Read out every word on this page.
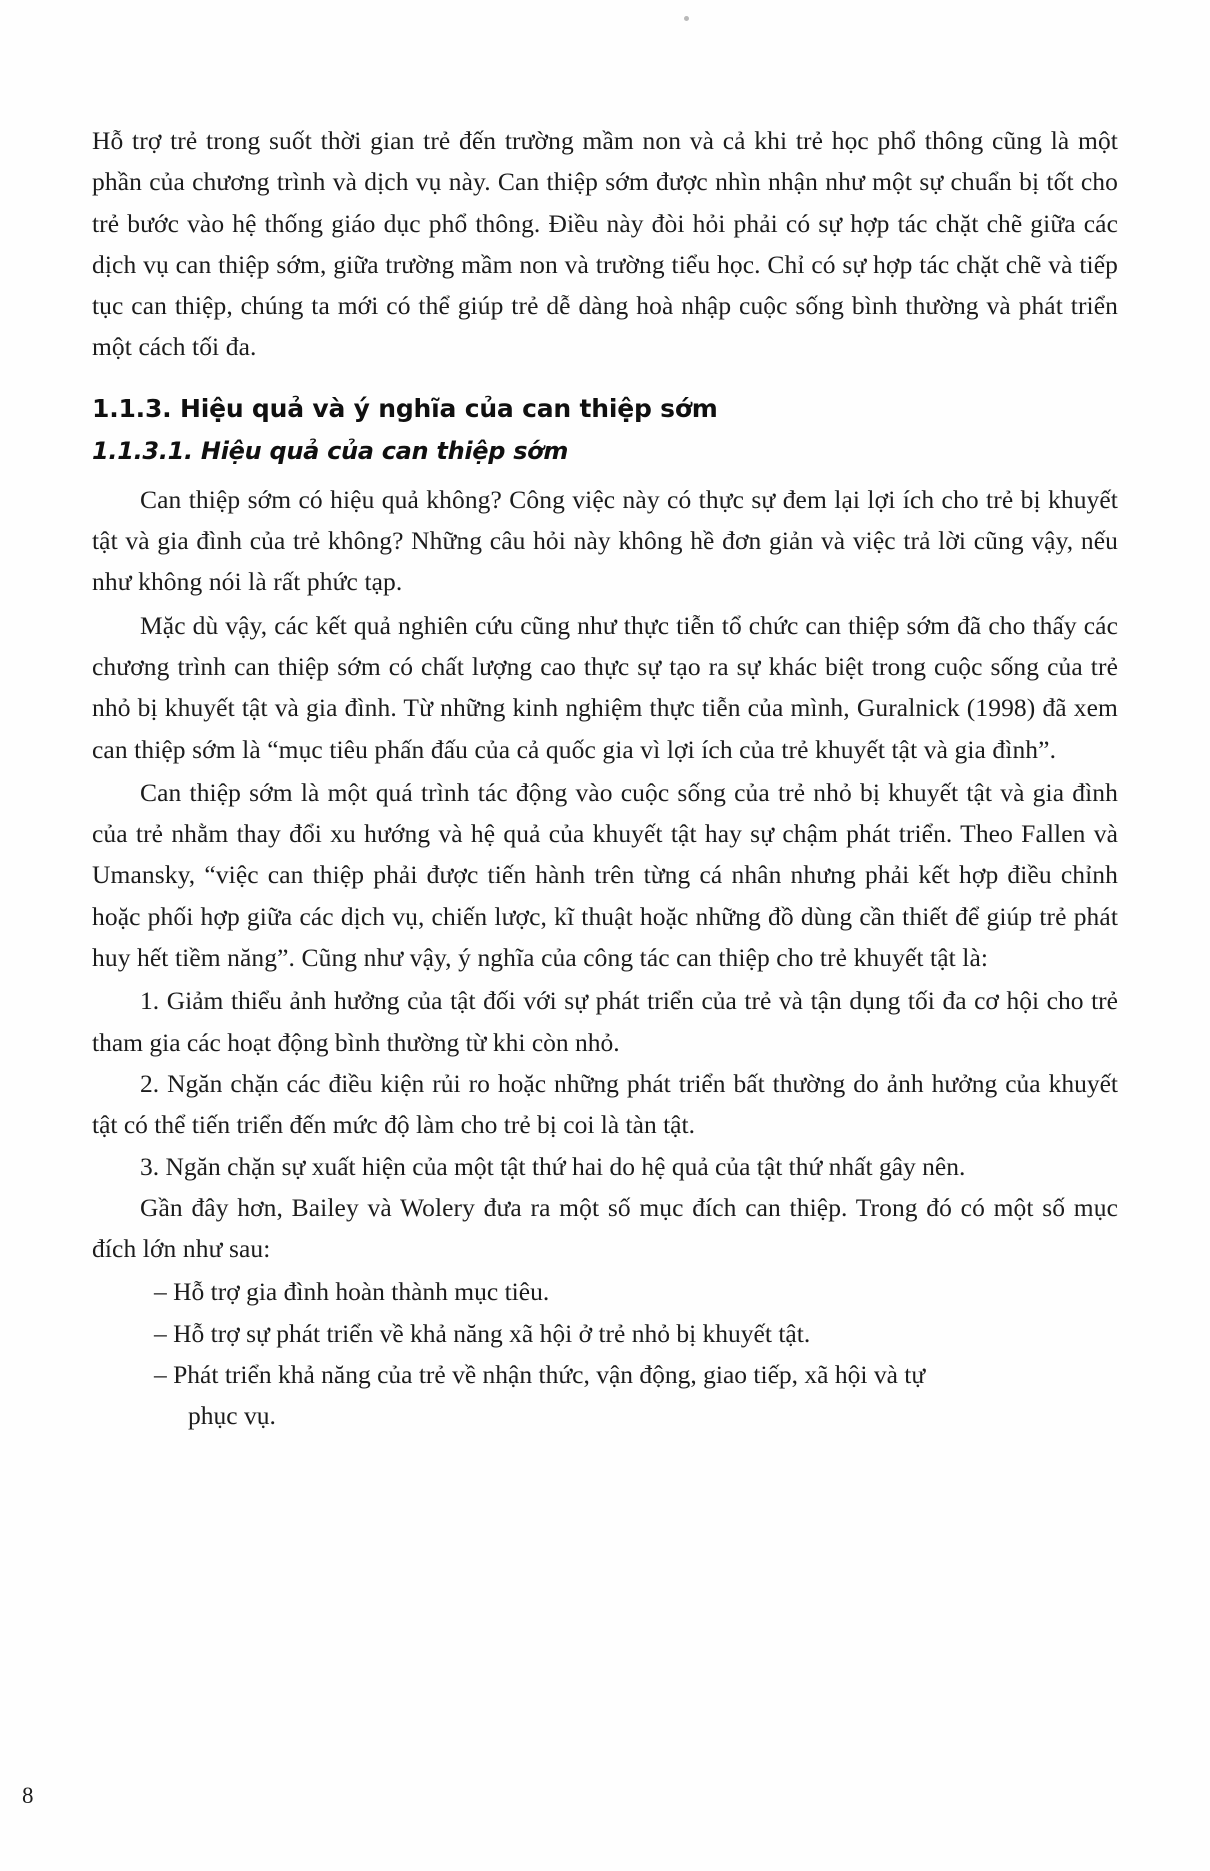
Hỗ trợ trẻ trong suốt thời gian trẻ đến trường mầm non và cả khi trẻ học phổ thông cũng là một phần của chương trình và dịch vụ này. Can thiệp sớm được nhìn nhận như một sự chuẩn bị tốt cho trẻ bước vào hệ thống giáo dục phổ thông. Điều này đòi hỏi phải có sự hợp tác chặt chẽ giữa các dịch vụ can thiệp sớm, giữa trường mầm non và trường tiểu học. Chỉ có sự hợp tác chặt chẽ và tiếp tục can thiệp, chúng ta mới có thể giúp trẻ dễ dàng hoà nhập cuộc sống bình thường và phát triển một cách tối đa.

1.1.3. Hiệu quả và ý nghĩa của can thiệp sớm
1.1.3.1. Hiệu quả của can thiệp sớm

Can thiệp sớm có hiệu quả không? Công việc này có thực sự đem lại lợi ích cho trẻ bị khuyết tật và gia đình của trẻ không? Những câu hỏi này không hề đơn giản và việc trả lời cũng vậy, nếu như không nói là rất phức tạp.

Mặc dù vậy, các kết quả nghiên cứu cũng như thực tiễn tổ chức can thiệp sớm đã cho thấy các chương trình can thiệp sớm có chất lượng cao thực sự tạo ra sự khác biệt trong cuộc sống của trẻ nhỏ bị khuyết tật và gia đình. Từ những kinh nghiệm thực tiễn của mình, Guralnick (1998) đã xem can thiệp sớm là “mục tiêu phấn đấu của cả quốc gia vì lợi ích của trẻ khuyết tật và gia đình”.

Can thiệp sớm là một quá trình tác động vào cuộc sống của trẻ nhỏ bị khuyết tật và gia đình của trẻ nhằm thay đổi xu hướng và hệ quả của khuyết tật hay sự chậm phát triển. Theo Fallen và Umansky, “việc can thiệp phải được tiến hành trên từng cá nhân nhưng phải kết hợp điều chỉnh hoặc phối hợp giữa các dịch vụ, chiến lược, kĩ thuật hoặc những đồ dùng cần thiết để giúp trẻ phát huy hết tiềm năng”. Cũng như vậy, ý nghĩa của công tác can thiệp cho trẻ khuyết tật là:

1. Giảm thiểu ảnh hưởng của tật đối với sự phát triển của trẻ và tận dụng tối đa cơ hội cho trẻ tham gia các hoạt động bình thường từ khi còn nhỏ.

2. Ngăn chặn các điều kiện rủi ro hoặc những phát triển bất thường do ảnh hưởng của khuyết tật có thể tiến triển đến mức độ làm cho trẻ bị coi là tàn tật.

3. Ngăn chặn sự xuất hiện của một tật thứ hai do hệ quả của tật thứ nhất gây nên.

Gần đây hơn, Bailey và Wolery đưa ra một số mục đích can thiệp. Trong đó có một số mục đích lớn như sau:

– Hỗ trợ gia đình hoàn thành mục tiêu.

– Hỗ trợ sự phát triển về khả năng xã hội ở trẻ nhỏ bị khuyết tật.

– Phát triển khả năng của trẻ về nhận thức, vận động, giao tiếp, xã hội và tự
phục vụ.

8
